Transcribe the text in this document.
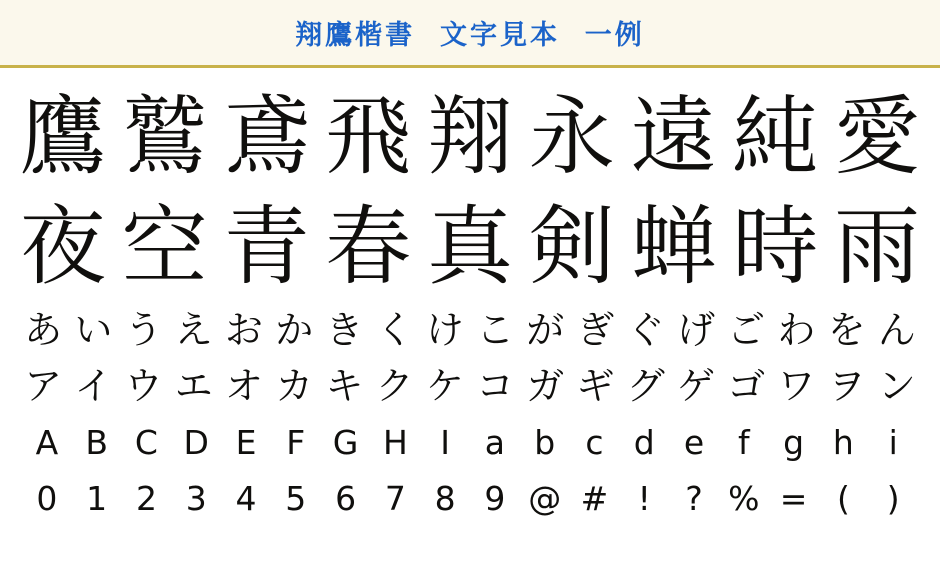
翔鷹楷書  文字見本  一例
鷹 鷲 鳶 飛 翔 永 遠 純 愛
夜 空 青 春 真 剣 蝉 時 雨
あ い う え お か き く け こ が ぎ ぐ げ ご わ を ん
ア イ ウ エ オ カ キ ク ケ コ ガ ギ グ ゲ ゴ ワ ヲ ン
A B C D E F G H I	a b c d e	f	g h	i
0 1 2 3 4 5 6 7 8 9 @ # !	? % = (	)
